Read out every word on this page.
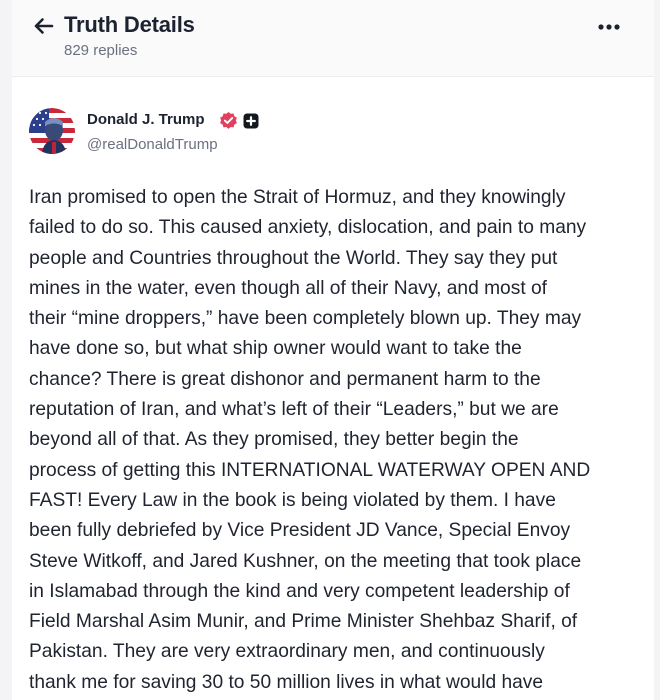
Truth Details
829 replies
Donald J. Trump
@realDonaldTrump
Iran promised to open the Strait of Hormuz, and they knowingly
failed to do so. This caused anxiety, dislocation, and pain to many
people and Countries throughout the World. They say they put
mines in the water, even though all of their Navy, and most of
their “mine droppers,” have been completely blown up. They may
have done so, but what ship owner would want to take the
chance? There is great dishonor and permanent harm to the
reputation of Iran, and what’s left of their “Leaders,” but we are
beyond all of that. As they promised, they better begin the
process of getting this INTERNATIONAL WATERWAY OPEN AND
FAST! Every Law in the book is being violated by them. I have
been fully debriefed by Vice President JD Vance, Special Envoy
Steve Witkoff, and Jared Kushner, on the meeting that took place
in Islamabad through the kind and very competent leadership of
Field Marshal Asim Munir, and Prime Minister Shehbaz Sharif, of
Pakistan. They are very extraordinary men, and continuously
thank me for saving 30 to 50 million lives in what would have
